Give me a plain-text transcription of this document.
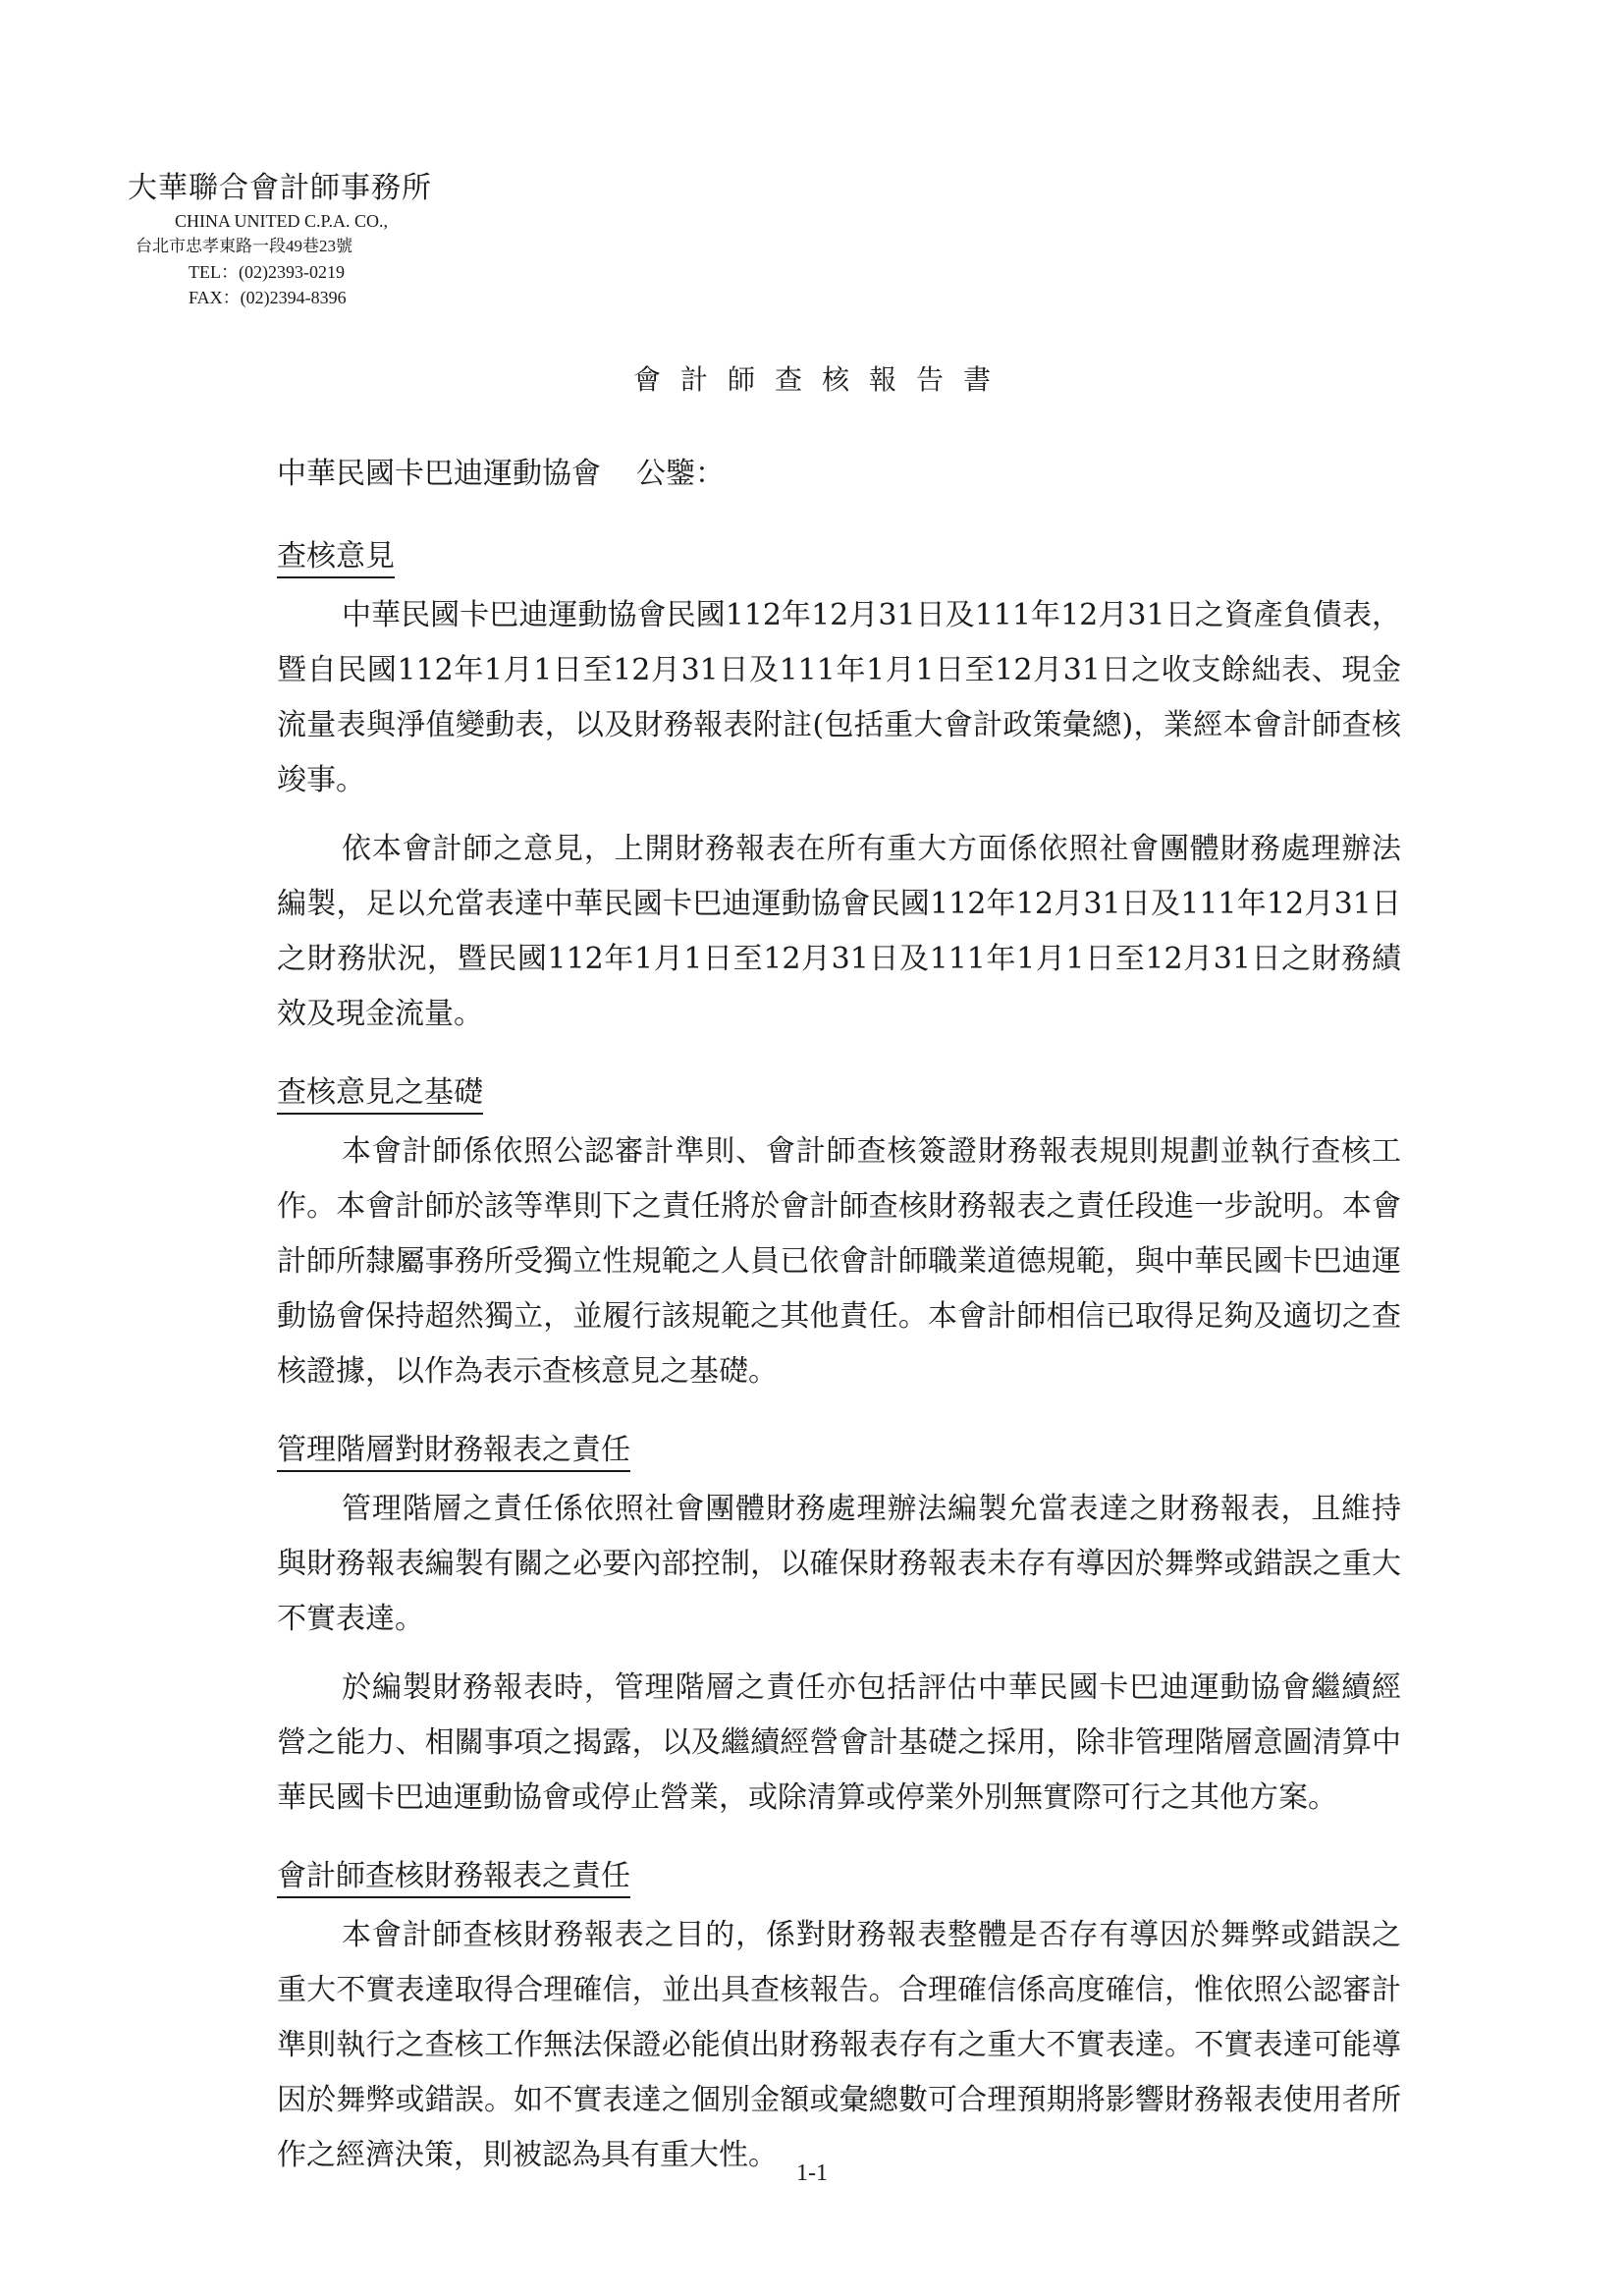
大華聯合會計師事務所
CHINA UNITED C.P.A. CO.,
台北市忠孝東路一段49巷23號
TEL：(02)2393-0219
FAX：(02)2394-8396
會計師查核報告書
中華民國卡巴迪運動協會 公鑒：
查核意見

中華民國卡巴迪運動協會民國112年12月31日及111年12月31日之資產負債表，暨自民國112年1月1日至12月31日及111年1月1日至12月31日之收支餘絀表、現金流量表與淨值變動表，以及財務報表附註(包括重大會計政策彙總)，業經本會計師查核竣事。

依本會計師之意見，上開財務報表在所有重大方面係依照社會團體財務處理辦法編製，足以允當表達中華民國卡巴迪運動協會民國112年12月31日及111年12月31日之財務狀況，暨民國112年1月1日至12月31日及111年1月1日至12月31日之財務績效及現金流量。

查核意見之基礎

本會計師係依照公認審計準則、會計師查核簽證財務報表規則規劃並執行查核工作。本會計師於該等準則下之責任將於會計師查核財務報表之責任段進一步說明。本會計師所隸屬事務所受獨立性規範之人員已依會計師職業道德規範，與中華民國卡巴迪運動協會保持超然獨立，並履行該規範之其他責任。本會計師相信已取得足夠及適切之查核證據，以作為表示查核意見之基礎。

管理階層對財務報表之責任

管理階層之責任係依照社會團體財務處理辦法編製允當表達之財務報表，且維持與財務報表編製有關之必要內部控制，以確保財務報表未存有導因於舞弊或錯誤之重大不實表達。

於編製財務報表時，管理階層之責任亦包括評估中華民國卡巴迪運動協會繼續經營之能力、相關事項之揭露，以及繼續經營會計基礎之採用，除非管理階層意圖清算中華民國卡巴迪運動協會或停止營業，或除清算或停業外別無實際可行之其他方案。

會計師查核財務報表之責任

本會計師查核財務報表之目的，係對財務報表整體是否存有導因於舞弊或錯誤之重大不實表達取得合理確信，並出具查核報告。合理確信係高度確信，惟依照公認審計準則執行之查核工作無法保證必能偵出財務報表存有之重大不實表達。不實表達可能導因於舞弊或錯誤。如不實表達之個別金額或彙總數可合理預期將影響財務報表使用者所作之經濟決策，則被認為具有重大性。

1-1
